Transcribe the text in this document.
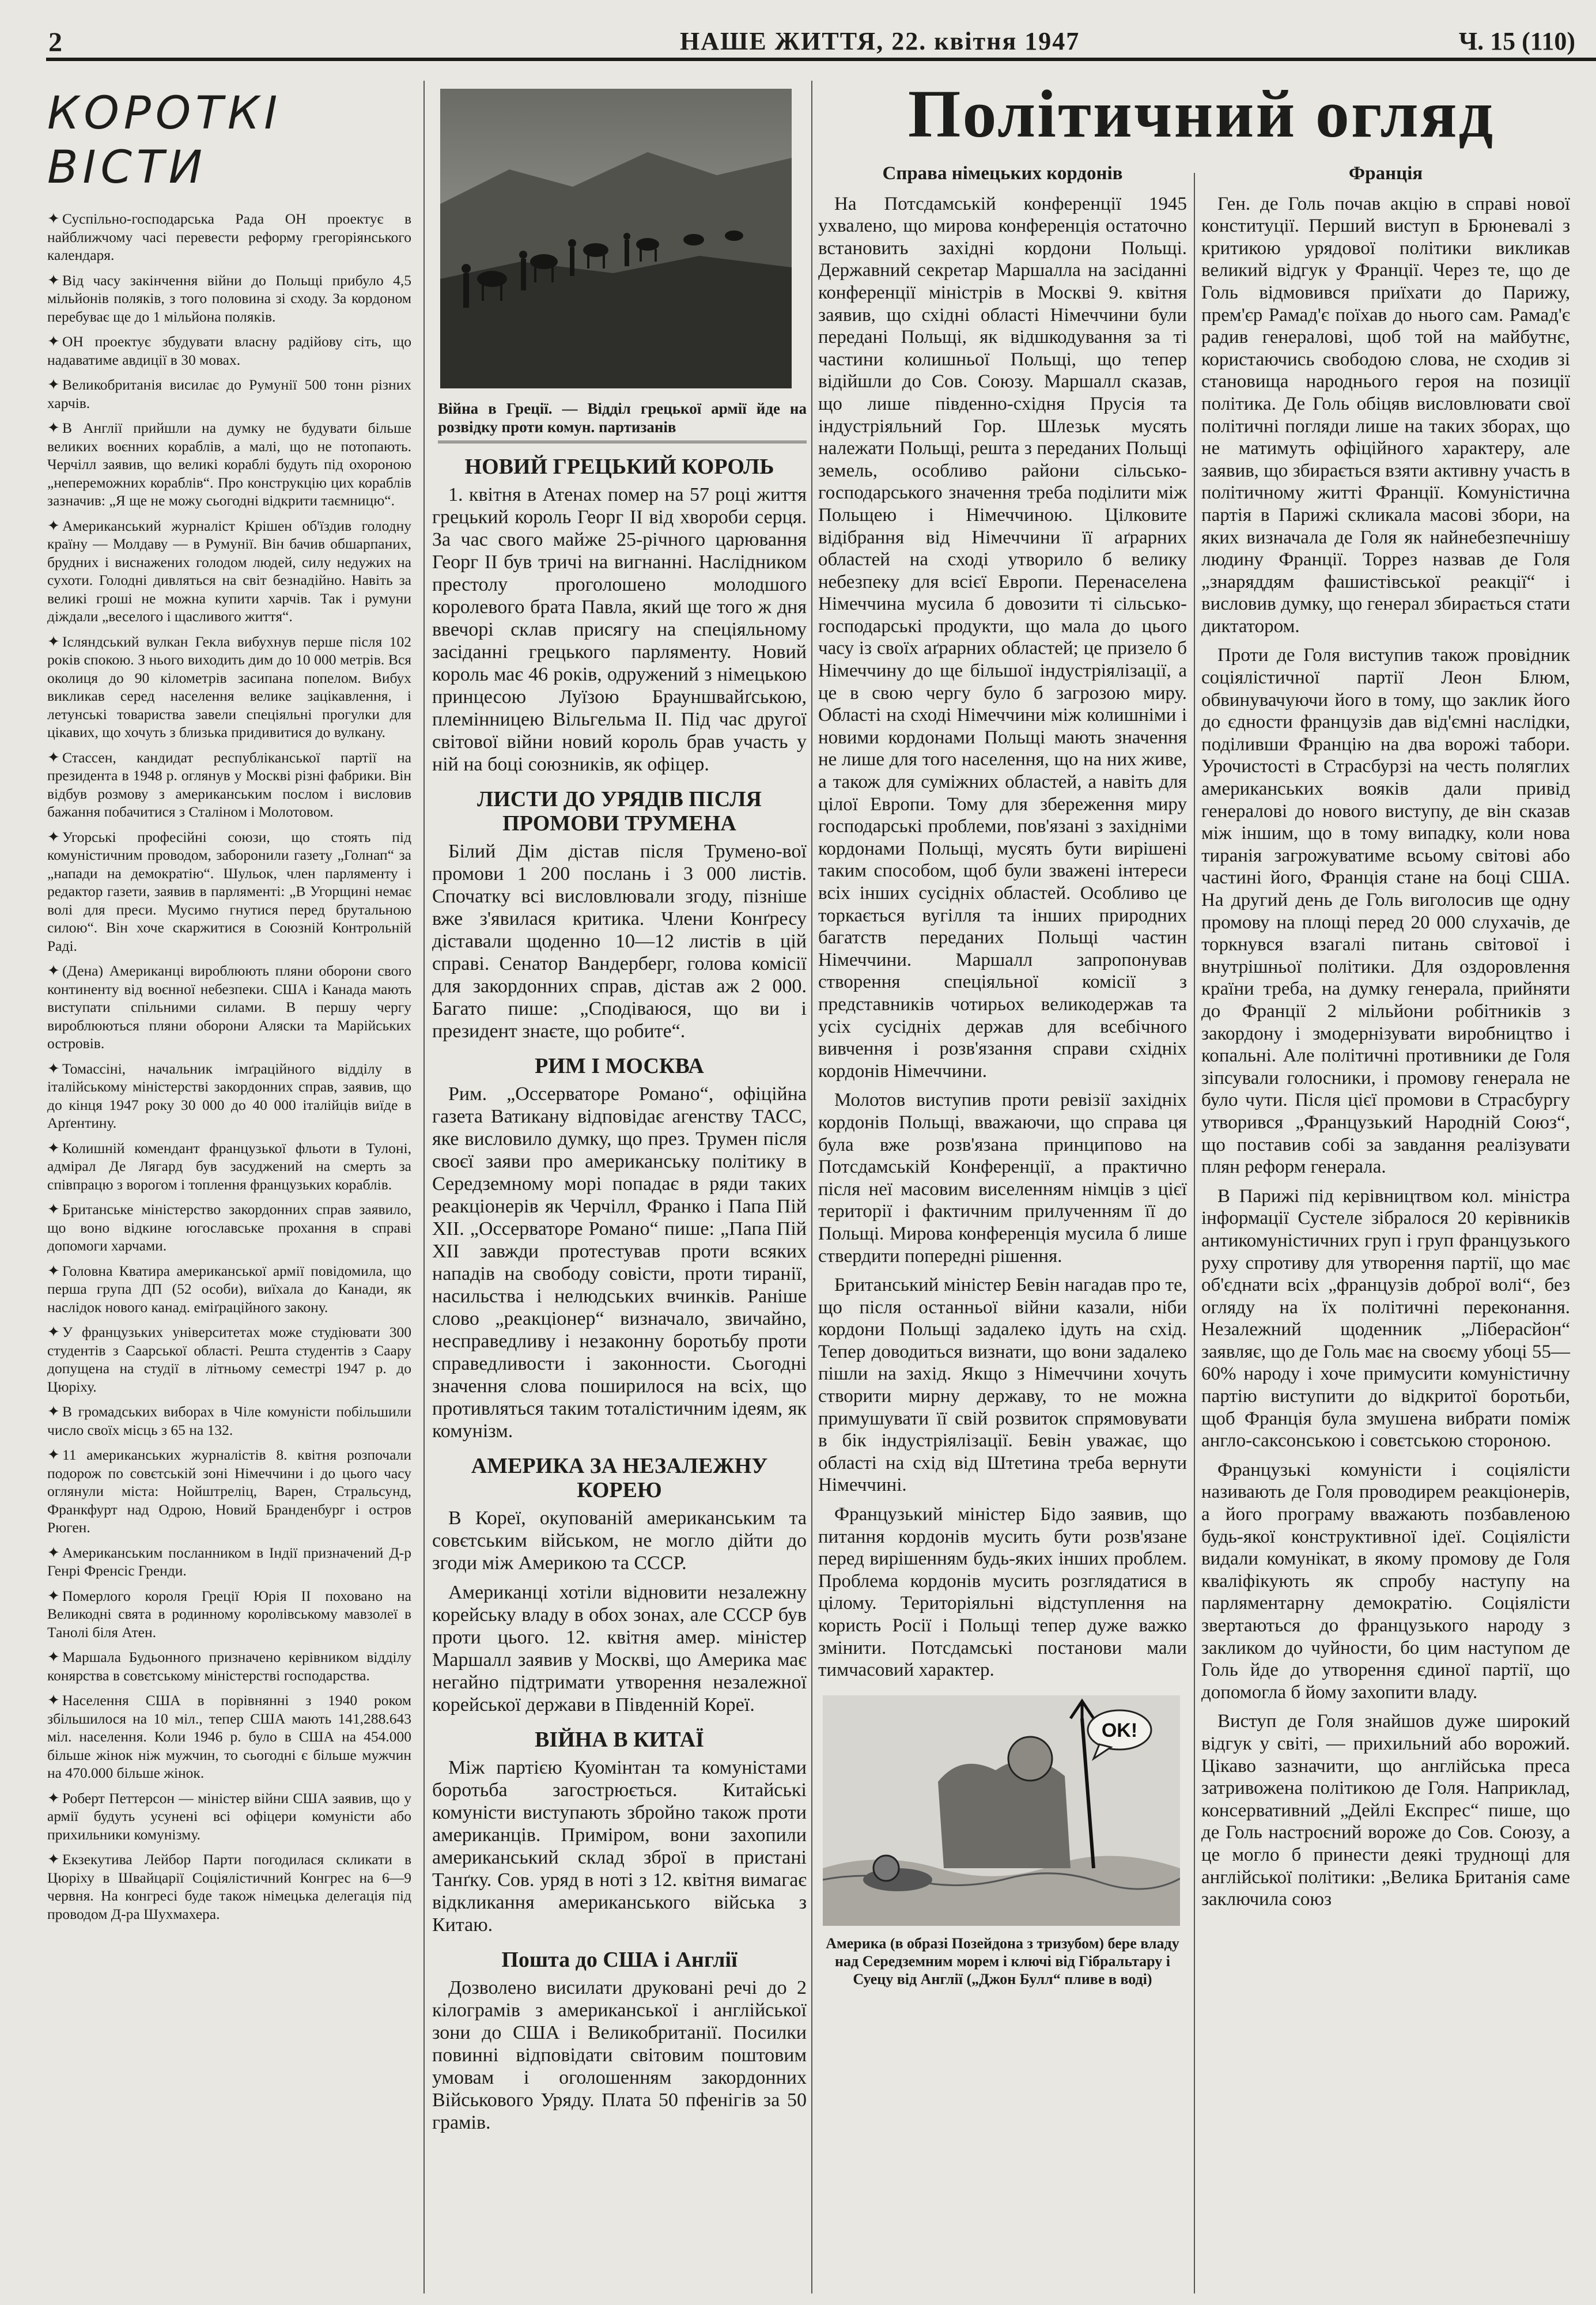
2	НАШЕ ЖИТТЯ, 22. квітня 1947	Ч. 15 (110)
КОРОТКІ ВІСТИ

✦ Суспільно-господарська Рада ОН проектує в найближчому часі перевести реформу грегоріянського календаря.

✦ Від часу закінчення війни до Польщі прибуло 4,5 мільйонів поляків, з того половина зі сходу. За кордоном перебуває ще до 1 мільйона поляків.

✦ ОН проектує збудувати власну радійову сіть, що надаватиме авдиції в 30 мовах.

✦ Великобританія висилає до Румунії 500 тонн різних харчів.

✦ В Англії прийшли на думку не будувати більше великих воєнних кораблів, а малі, що не потопають. Черчілл заявив, що великі кораблі будуть під охороною „непереможних кораблів“. Про конструкцію цих кораблів зазначив: „Я ще не можу сьогодні відкрити таємницю“.

✦ Американський журналіст Крішен об'їздив голодну країну — Молдаву — в Румунії. Він бачив обшарпаних, брудних і виснажених голодом людей, силу недужих на сухоти. Голодні дивляться на світ безнадійно. Навіть за великі гроші не можна купити харчів. Так і румуни діждали „веселого і щасливого життя“.

✦ Ісляндський вулкан Гекла вибухнув перше після 102 років спокою. З нього виходить дим до 10 000 метрів. Вся околиця до 90 кілометрів засипана попелом. Вибух викликав серед населення велике зацікавлення, і летунські товариства завели спеціяльні прогулки для цікавих, що хочуть з близька придивитися до вулкану.

✦ Стассен, кандидат республіканської партії на президента в 1948 р. оглянув у Москві різні фабрики. Він відбув розмову з американським послом і висловив бажання побачитися з Сталіном і Молотовом.

✦ Угорські професійні союзи, що стоять під комуністичним проводом, заборонили газету „Голнап“ за „напади на демократію“. Шульок, член парляменту і редактор газети, заявив в парляменті: „В Угорщині немає волі для преси. Мусимо гнутися перед брутальною силою“. Він хоче скаржитися в Союзній Контрольній Раді.

✦ (Дена) Американці вироблюють пляни оборони свого континенту від воєнної небезпеки. США і Канада мають виступати спільними силами. В першу чергу вироблюються пляни оборони Аляски та Марійських островів.

✦ Томассіні, начальник імґраційного відділу в італійському міністерстві закордонних справ, заявив, що до кінця 1947 року 30 000 до 40 000 італійців виїде в Арґентину.

✦ Колишній комендант французької фльоти в Тулоні, адмірал Де Лягард був засуджений на смерть за співпрацю з ворогом і топлення французьких кораблів.

✦ Британське міністерство закордонних справ заявило, що воно відкине югославське прохання в справі допомоги харчами.

✦ Головна Кватира американської армії повідомила, що перша група ДП (52 особи), виїхала до Канади, як наслідок нового канад. еміґраційного закону.

✦ У французьких університетах може студіювати 300 студентів з Саарської області. Решта студентів з Саару допущена на студії в літньому семестрі 1947 р. до Цюріху.

✦ В громадських виборах в Чіле комуністи побільшили число своїх місць з 65 на 132.

✦ 11 американських журналістів 8. квітня розпочали подорож по совєтській зоні Німеччини і до цього часу оглянули міста: Нойштреліц, Варен, Стральсунд, Франкфурт над Одрою, Новий Бранденбург і остров Рюген.

✦ Американським посланником в Індії призначений Д-р Генрі Френсіс Гренди.

✦ Померлого короля Греції Юрія II поховано на Великодні свята в родинному королівському мавзолеї в Танолі біля Атен.

✦ Маршала Будьонного призначено керівником відділу конярства в совєтському міністерстві господарства.

✦ Населення США в порівнянні з 1940 роком збільшилося на 10 міл., тепер США мають 141,288.643 міл. населення. Коли 1946 р. було в США на 454.000 більше жінок ніж мужчин, то сьогодні є більше мужчин на 470.000 більше жінок.

✦ Роберт Петтерсон — міністер війни США заявив, що у армії будуть усунені всі офіцери комуністи або прихильники комунізму.

✦ Екзекутива Лейбор Парти погодилася скликати в Цюріху в Швайцарії Соціялістичний Конгрес на 6—9 червня. На конгресі буде також німецька делегація під проводом Д-ра Шухмахера.

Війна в Греції. — Відділ грецької армії йде на розвідку проти комун. партизанів
НОВИЙ ГРЕЦЬКИЙ КОРОЛЬ

1. квітня в Атенах помер на 57 році життя грецький король Георг II від хвороби серця. За час свого майже 25-річного царювання Георг II був тричі на вигнанні. Наслідником престолу проголошено молодшого королевого брата Павла, який ще того ж дня ввечорі склав присягу на спеціяльному засіданні грецького парляменту. Новий король має 46 років, одружений з німецькою принцесою Луїзою Брауншвайґською, племінницею Вільгельма II. Під час другої світової війни новий король брав участь у ній на боці союзників, як офіцер.

ЛИСТИ ДО УРЯДІВ ПІСЛЯ ПРОМОВИ ТРУМЕНА

Білий Дім дістав після Трумено-вої промови 1 200 послань і 3 000 листів. Спочатку всі висловлювали згоду, пізніше вже з'явилася критика. Члени Конґресу діставали щоденно 10—12 листів в цій справі. Сенатор Вандерберг, голова комісії для закордонних справ, дістав аж 2 000. Багато пише: „Сподіваюся, що ви і президент знаєте, що робите“.

РИМ І МОСКВА

Рим. „Оссерваторе Романо“, офіційна газета Ватикану відповідає агенству ТАСС, яке висловило думку, що през. Трумен після своєї заяви про американську політику в Середземному морі попадає в ряди таких реакціонерів як Черчілл, Франко і Папа Пій XII. „Оссерваторе Романо“ пише: „Папа Пій XII завжди протестував проти всяких нападів на свободу совісти, проти тиранії, насильства і нелюдських вчинків. Раніше слово „реакціонер“ визначало, звичайно, несправедливу і незаконну боротьбу проти справедливости і законности. Сьогодні значення слова поширилося на всіх, що противляться таким тоталістичним ідеям, як комунізм.

АМЕРИКА ЗА НЕЗАЛЕЖНУ КОРЕЮ

В Кореї, окупованій американським та совєтським військом, не могло дійти до згоди між Америкою та СССР.

Американці хотіли відновити незалежну корейську владу в обох зонах, але СССР був проти цього. 12. квітня амер. міністер Маршалл заявив у Москві, що Америка має негайно підтримати утворення незалежної корейської держави в Південній Кореї.

ВІЙНА В КИТАЇ

Між партією Куомінтан та комуністами боротьба загострюється. Китайські комуністи виступають збройно також проти американців. Приміром, вони захопили американський склад зброї в пристані Танґку. Сов. уряд в ноті з 12. квітня вимагає відкликання американського війська з Китаю.

Пошта до США і Англії

Дозволено висилати друковані речі до 2 кілограмів з американської і англійської зони до США і Великобританії. Посилки повинні відповідати світовим поштовим умовам і оголошенням закордонних Військового Уряду. Плата 50 пфенігів за 50 грамів.

Політичний огляд
Справа німецьких кордонів

На Потсдамській конференції 1945 ухвалено, що мирова конференція остаточно встановить західні кордони Польщі. Державний секретар Маршалла на засіданні конференції міністрів в Москві 9. квітня заявив, що східні області Німеччини були передані Польщі, як відшкодування за ті частини колишньої Польщі, що тепер відійшли до Сов. Союзу. Маршалл сказав, що лише південно-східня Прусія та індустріяльний Гор. Шлезьк мусять належати Польщі, решта з переданих Польщі земель, особливо райони сільсько-господарського значення треба поділити між Польщею і Німеччиною. Цілковите відібрання від Німеччини її аґрарних областей на сході утворило б велику небезпеку для всієї Европи. Перенаселена Німеччина мусила б довозити ті сільсько-господарські продукти, що мала до цього часу із своїх аґрарних областей; це призело б Німеччину до ще більшої індустріялізації, а це в свою чергу було б загрозою миру. Області на сході Німеччини між колишніми і новими кордонами Польщі мають значення не лише для того населення, що на них живе, а також для суміжних областей, а навіть для цілої Европи. Тому для збереження миру господарські проблеми, пов'язані з західніми кордонами Польщі, мусять бути вирішені таким способом, щоб були зважені інтереси всіх інших сусідніх областей. Особливо це торкається вугілля та інших природних багатств переданих Польщі частин Німеччини. Маршалл запропонував створення спеціяльної комісії з представників чотирьох великодержав та усіх сусідніх держав для всебічного вивчення і розв'язання справи східніх кордонів Німеччини.

Молотов виступив проти ревізії західніх кордонів Польщі, вважаючи, що справа ця була вже розв'язана принципово на Потсдамській Конференції, а практично після неї масовим виселенням німців з цієї території і фактичним прилученням її до Польщі. Мирова конференція мусила б лише ствердити попередні рішення.

Британський міністер Бевін нагадав про те, що після останньої війни казали, ніби кордони Польщі задалеко ідуть на схід. Тепер доводиться визнати, що вони задалеко пішли на захід. Якщо з Німеччини хочуть створити мирну державу, то не можна примушувати її свій розвиток спрямовувати в бік індустріялізації. Бевін уважає, що області на схід від Штетина треба вернути Німеччині.

Французький міністер Бідо заявив, що питання кордонів мусить бути розв'язане перед вирішенням будь-яких інших проблем. Проблема кордонів мусить розглядатися в цілому. Територіяльні відступлення на користь Росії і Польщі тепер дуже важко змінити. Потсдамські постанови мали тимчасовий характер.

OK!
Америка (в образі Позейдона з тризубом) бере владу над Середземним морем і ключі від Гібральтару і Суецу від Англії („Джон Булл“ пливе в воді)
Франція

Ген. де Голь почав акцію в справі нової конституції. Перший виступ в Брюневалі з критикою урядової політики викликав великий відгук у Франції. Через те, що де Голь відмовився приїхати до Парижу, прем'єр Рамад'є поїхав до нього сам. Рамад'є радив генералові, щоб той на майбутнє, користаючись свободою слова, не сходив зі становища народнього героя на позиції політика. Де Голь обіцяв висловлювати свої політичні погляди лише на таких зборах, що не матимуть офіційного характеру, але заявив, що збирається взяти активну участь в політичному житті Франції. Комуністична партія в Парижі скликала масові збори, на яких визначала де Голя як найнебезпечнішу людину Франції. Торрез назвав де Голя „знаряддям фашистівської реакції“ і висловив думку, що генерал збирається стати диктатором.

Проти де Голя виступив також провідник соціялістичної партії Леон Блюм, обвинувачуючи його в тому, що заклик його до єдности французів дав від'ємні наслідки, поділивши Францію на два ворожі табори. Урочистості в Страсбурзі на честь поляглих американських вояків дали привід генералові до нового виступу, де він сказав між іншим, що в тому випадку, коли нова тиранія загрожуватиме всьому світові або частині його, Франція стане на боці США. На другий день де Голь виголосив ще одну промову на площі перед 20 000 слухачів, де торкнувся взагалі питань світової і внутрішньої політики. Для оздоровлення країни треба, на думку генерала, прийняти до Франції 2 мільйони робітників з закордону і змодернізувати виробництво і копальні. Але політичні противники де Голя зіпсували голосники, і промову генерала не було чути. Після цієї промови в Страсбургу утворився „Французький Народній Союз“, що поставив собі за завдання реалізувати плян реформ генерала.

В Парижі під керівництвом кол. міністра інформації Сустеле зібралося 20 керівників антикомуністичних груп і груп французького руху спротиву для утворення партії, що має об'єднати всіх „французів доброї волі“, без огляду на їх політичні переконання. Незалежний щоденник „Ліберасйон“ заявляє, що де Голь має на своєму убоці 55—60% народу і хоче примусити комуністичну партію виступити до відкритої боротьби, щоб Франція була змушена вибрати поміж англо-саксонською і совєтською стороною.

Французькі комуністи і соціялісти називають де Голя проводирем реакціонерів, а його програму вважають позбавленою будь-якої конструктивної ідеї. Соціялісти видали комунікат, в якому промову де Голя кваліфікують як спробу наступу на парляментарну демократію. Соціялісти звертаються до французького народу з закликом до чуйности, бо цим наступом де Голь йде до утворення єдиної партії, що допомогла б йому захопити владу.

Виступ де Голя знайшов дуже широкий відгук у світі, — прихильний або ворожий. Цікаво зазначити, що англійська преса затривожена політикою де Голя. Наприклад, консервативний „Дейлі Експрес“ пише, що де Голь настроєний вороже до Сов. Союзу, а це могло б принести деякі труднощі для англійської політики: „Велика Британія саме заключила союз
